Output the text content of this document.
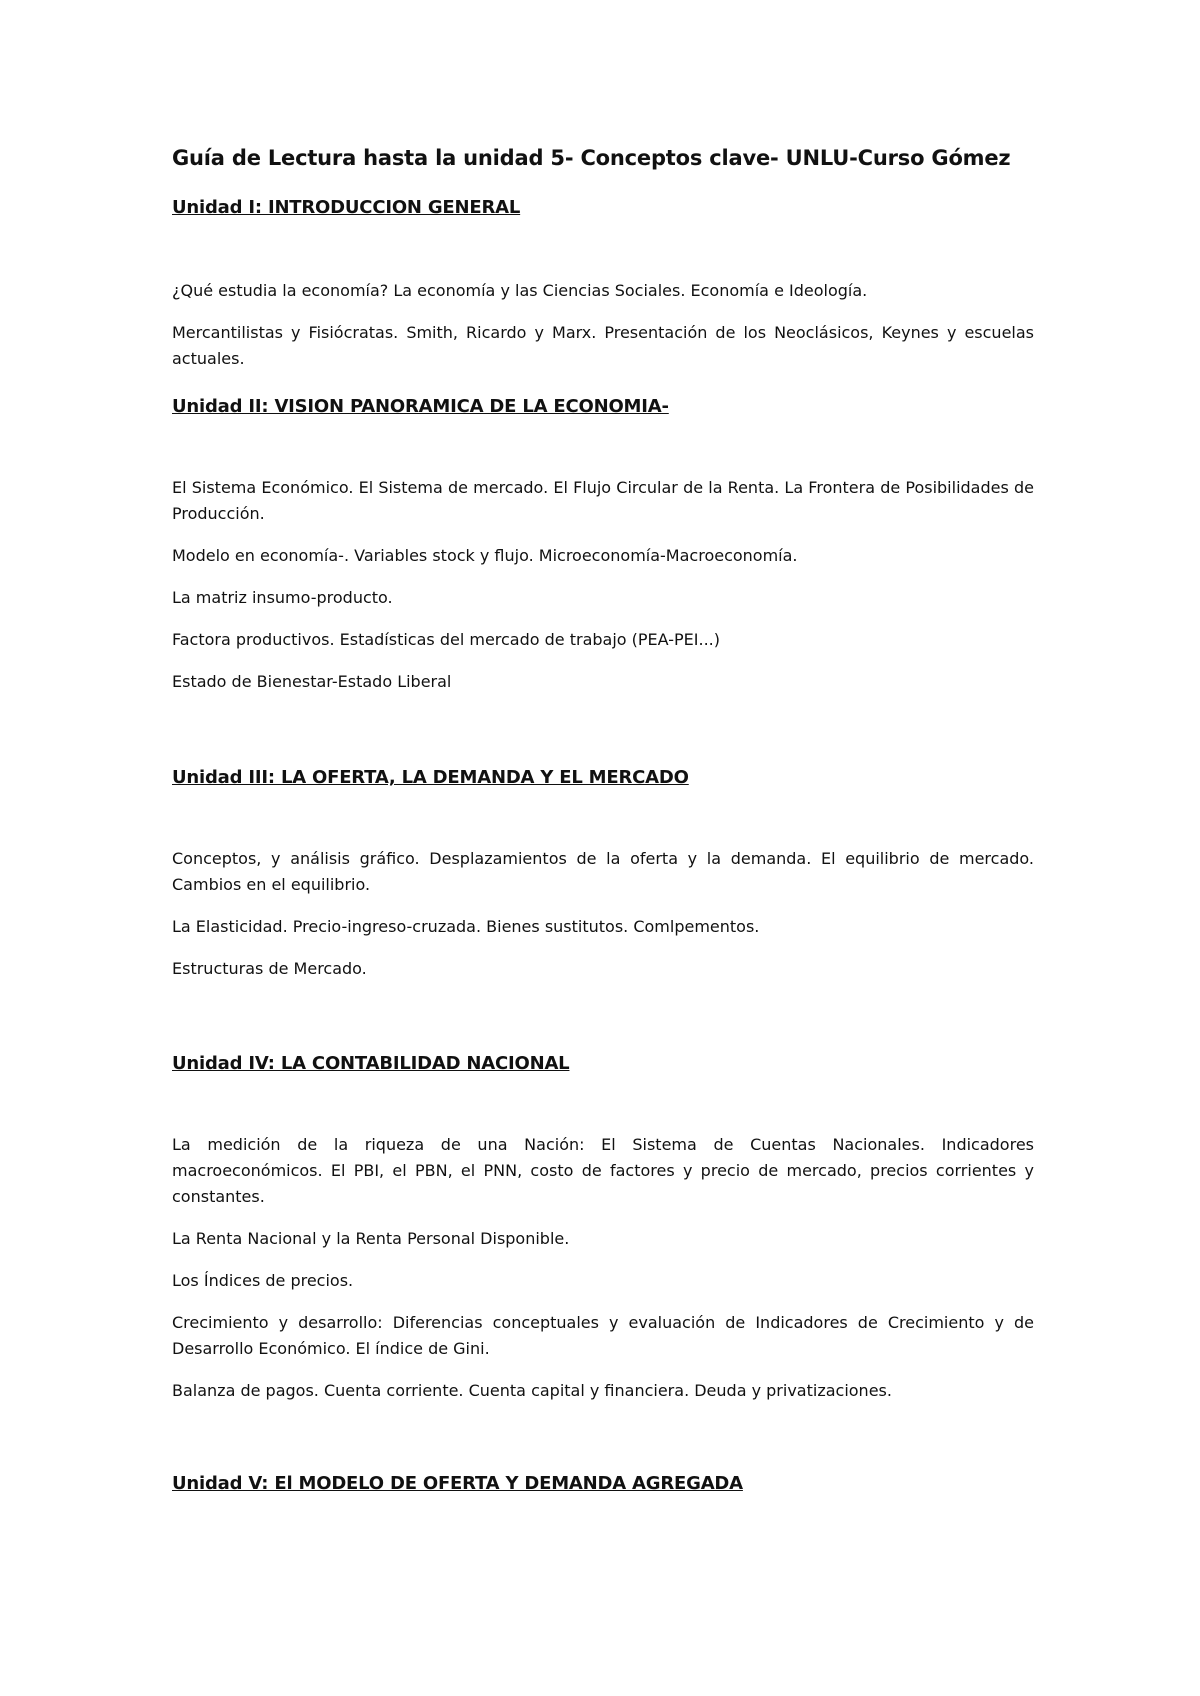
Guía de Lectura hasta la unidad 5- Conceptos clave- UNLU-Curso Gómez
Unidad I: INTRODUCCION GENERAL

¿Qué estudia la economía? La economía y las Ciencias Sociales. Economía e Ideología.

Mercantilistas y Fisiócratas. Smith, Ricardo y Marx. Presentación de los Neoclásicos, Keynes y escuelas actuales.

Unidad II: VISION PANORAMICA DE LA ECONOMIA-

El Sistema Económico. El Sistema de mercado. El Flujo Circular de la Renta. La Frontera de Posibilidades de Producción.

Modelo en economía-. Variables stock y flujo. Microeconomía-Macroeconomía.

La matriz insumo-producto.

Factora productivos. Estadísticas del mercado de trabajo (PEA-PEI...)

Estado de Bienestar-Estado Liberal

Unidad III: LA OFERTA, LA DEMANDA Y EL MERCADO

Conceptos, y análisis gráfico. Desplazamientos de la oferta y la demanda. El equilibrio de mercado. Cambios en el equilibrio.

La Elasticidad. Precio-ingreso-cruzada. Bienes sustitutos. Comlpementos.

Estructuras de Mercado.

Unidad IV: LA CONTABILIDAD NACIONAL

La medición de la riqueza de una Nación: El Sistema de Cuentas Nacionales. Indicadores macroeconómicos. El PBI, el PBN, el PNN, costo de factores y precio de mercado, precios corrientes y constantes.

La Renta Nacional y la Renta Personal Disponible.

Los Índices de precios.

Crecimiento y desarrollo: Diferencias conceptuales y evaluación de Indicadores de Crecimiento y de Desarrollo Económico. El índice de Gini.

Balanza de pagos. Cuenta corriente. Cuenta capital y financiera. Deuda y privatizaciones.

Unidad V: El MODELO DE OFERTA Y DEMANDA AGREGADA
